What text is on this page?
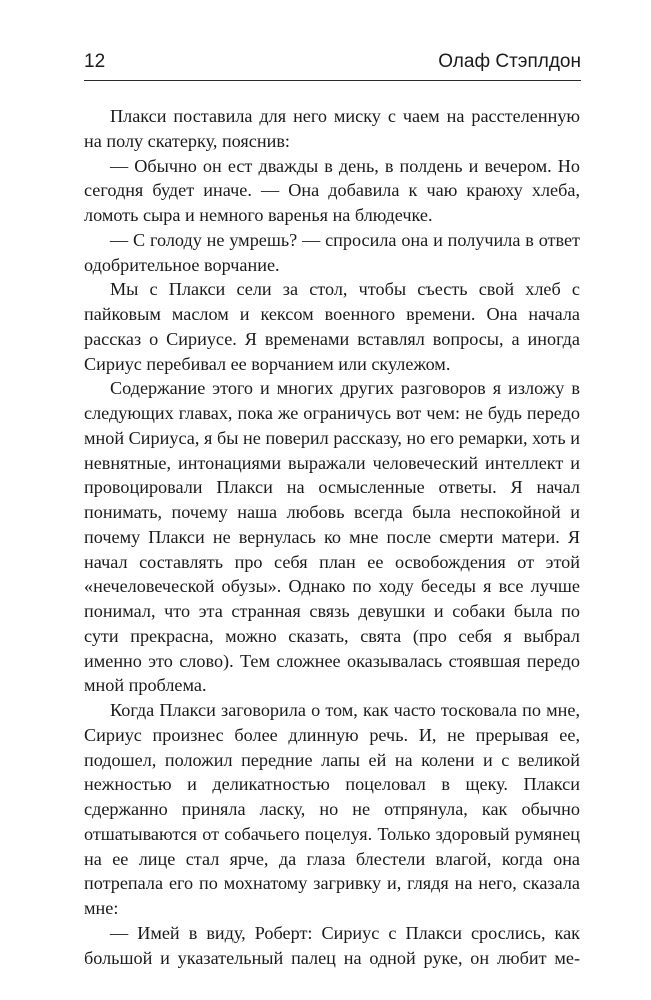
12	Олаф Стэплдон

Плакси поставила для него миску с чаем на расстеленную на полу скатерку, пояснив:

— Обычно он ест дважды в день, в полдень и вечером. Но сегодня будет иначе. — Она добавила к чаю краюху хлеба, ломоть сыра и немного варенья на блюдечке.

— С голоду не умрешь? — спросила она и получила в ответ одобрительное ворчание.

Мы с Плакси сели за стол, чтобы съесть свой хлеб с пайковым маслом и кексом военного времени. Она начала рассказ о Сириусе. Я временами вставлял вопросы, а иногда Сириус перебивал ее ворчанием или скулежом.

Содержание этого и многих других разговоров я изложу в следующих главах, пока же ограничусь вот чем: не будь передо мной Сириуса, я бы не поверил рассказу, но его ремарки, хоть и невнятные, интонациями выражали человеческий интеллект и провоцировали Плакси на осмысленные ответы. Я начал понимать, почему наша любовь всегда была неспокойной и почему Плакси не вернулась ко мне после смерти матери. Я начал составлять про себя план ее освобождения от этой «нечеловеческой обузы». Однако по ходу беседы я все лучше понимал, что эта странная связь девушки и собаки была по сути прекрасна, можно сказать, свята (про себя я выбрал именно это слово). Тем сложнее оказывалась стоявшая передо мной проблема.

Когда Плакси заговорила о том, как часто тосковала по мне, Сириус произнес более длинную речь. И, не прерывая ее, подошел, положил передние лапы ей на колени и с великой нежностью и деликатностью поцеловал в щеку. Плакси сдержанно приняла ласку, но не отпрянула, как обычно отшатываются от собачьего поцелуя. Только здоровый румянец на ее лице стал ярче, да глаза блестели влагой, когда она потрепала его по мохнатому загривку и, глядя на него, сказала мне:

— Имей в виду, Роберт: Сириус с Плакси срослись, как большой и указательный палец на одной руке, он любит ме-
